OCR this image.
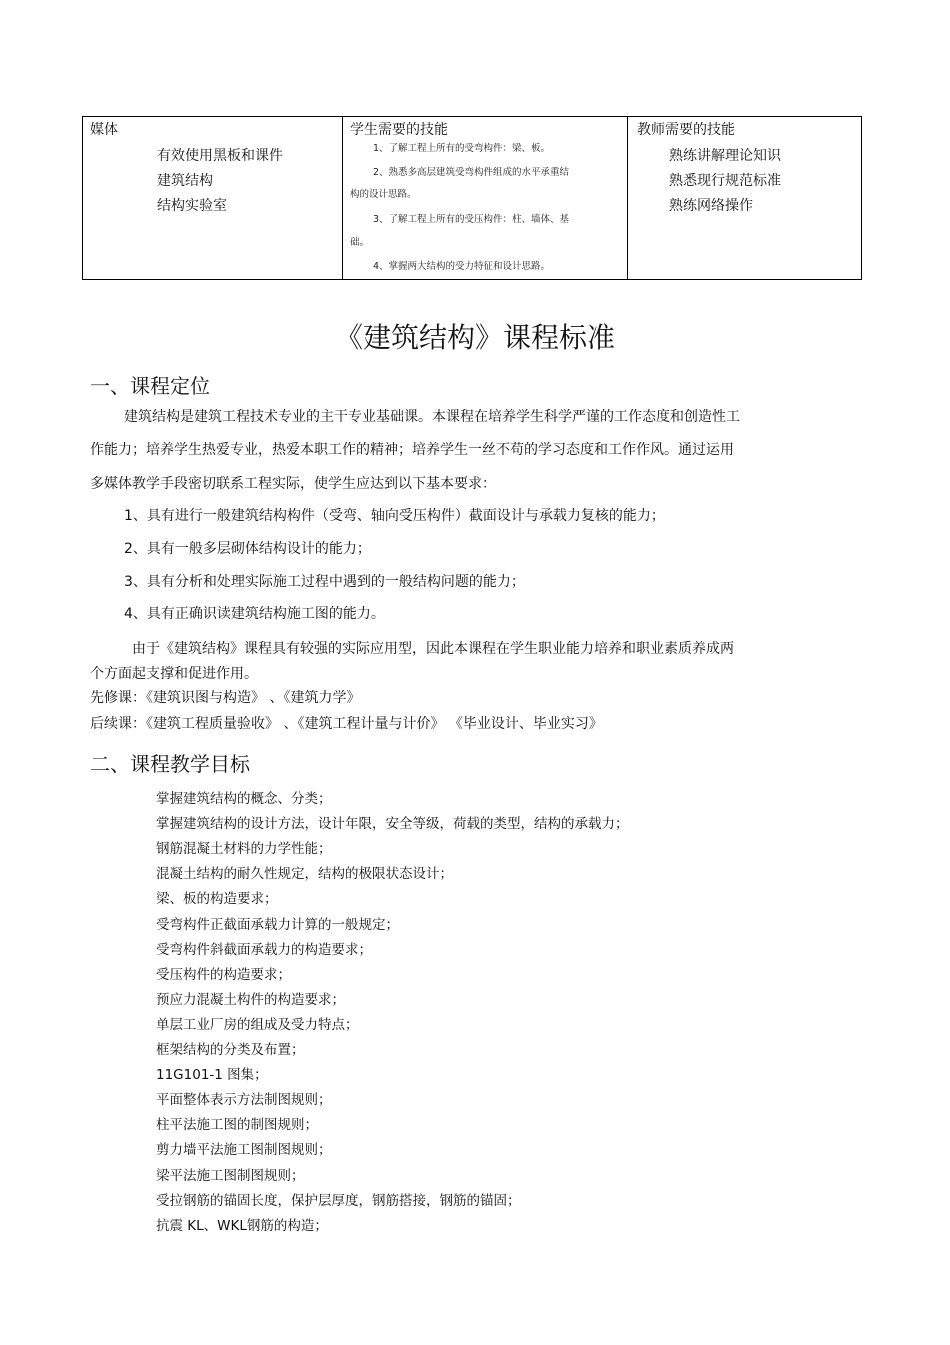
媒体
有效使用黑板和课件
建筑结构
结构实验室
学生需要的技能
1、了解工程上所有的受弯构件：梁、板。
2、熟悉多高层建筑受弯构件组成的水平承重结
构的设计思路。
3、了解工程上所有的受压构件：柱、墙体、基
础。
4、掌握两大结构的受力特征和设计思路。
教师需要的技能
熟练讲解理论知识
熟悉现行规范标准
熟练网络操作
《建筑结构》课程标准
一、课程定位
建筑结构是建筑工程技术专业的主干专业基础课。本课程在培养学生科学严谨的工作态度和创造性工
作能力；培养学生热爱专业，热爱本职工作的精神；培养学生一丝不苟的学习态度和工作作风。通过运用
多媒体教学手段密切联系工程实际，使学生应达到以下基本要求：
1、具有进行一般建筑结构构件（受弯、轴向受压构件）截面设计与承载力复核的能力；
2、具有一般多层砌体结构设计的能力；
3、具有分析和处理实际施工过程中遇到的一般结构问题的能力；
4、具有正确识读建筑结构施工图的能力。
由于《建筑结构》课程具有较强的实际应用型，因此本课程在学生职业能力培养和职业素质养成两
个方面起支撑和促进作用。
先修课：《建筑识图与构造》 、《建筑力学》
后续课：《建筑工程质量验收》 、《建筑工程计量与计价》 《毕业设计、毕业实习》
二、课程教学目标
掌握建筑结构的概念、分类；
掌握建筑结构的设计方法，设计年限，安全等级，荷载的类型，结构的承载力；
钢筋混凝土材料的力学性能；
混凝土结构的耐久性规定，结构的极限状态设计；
梁、板的构造要求；
受弯构件正截面承载力计算的一般规定；
受弯构件斜截面承载力的构造要求；
受压构件的构造要求；
预应力混凝土构件的构造要求；
单层工业厂房的组成及受力特点；
框架结构的分类及布置；
11G101-1 图集；
平面整体表示方法制图规则；
柱平法施工图的制图规则；
剪力墙平法施工图制图规则；
梁平法施工图制图规则；
受拉钢筋的锚固长度，保护层厚度，钢筋搭接，钢筋的锚固；
抗震 KL、WKL钢筋的构造；
